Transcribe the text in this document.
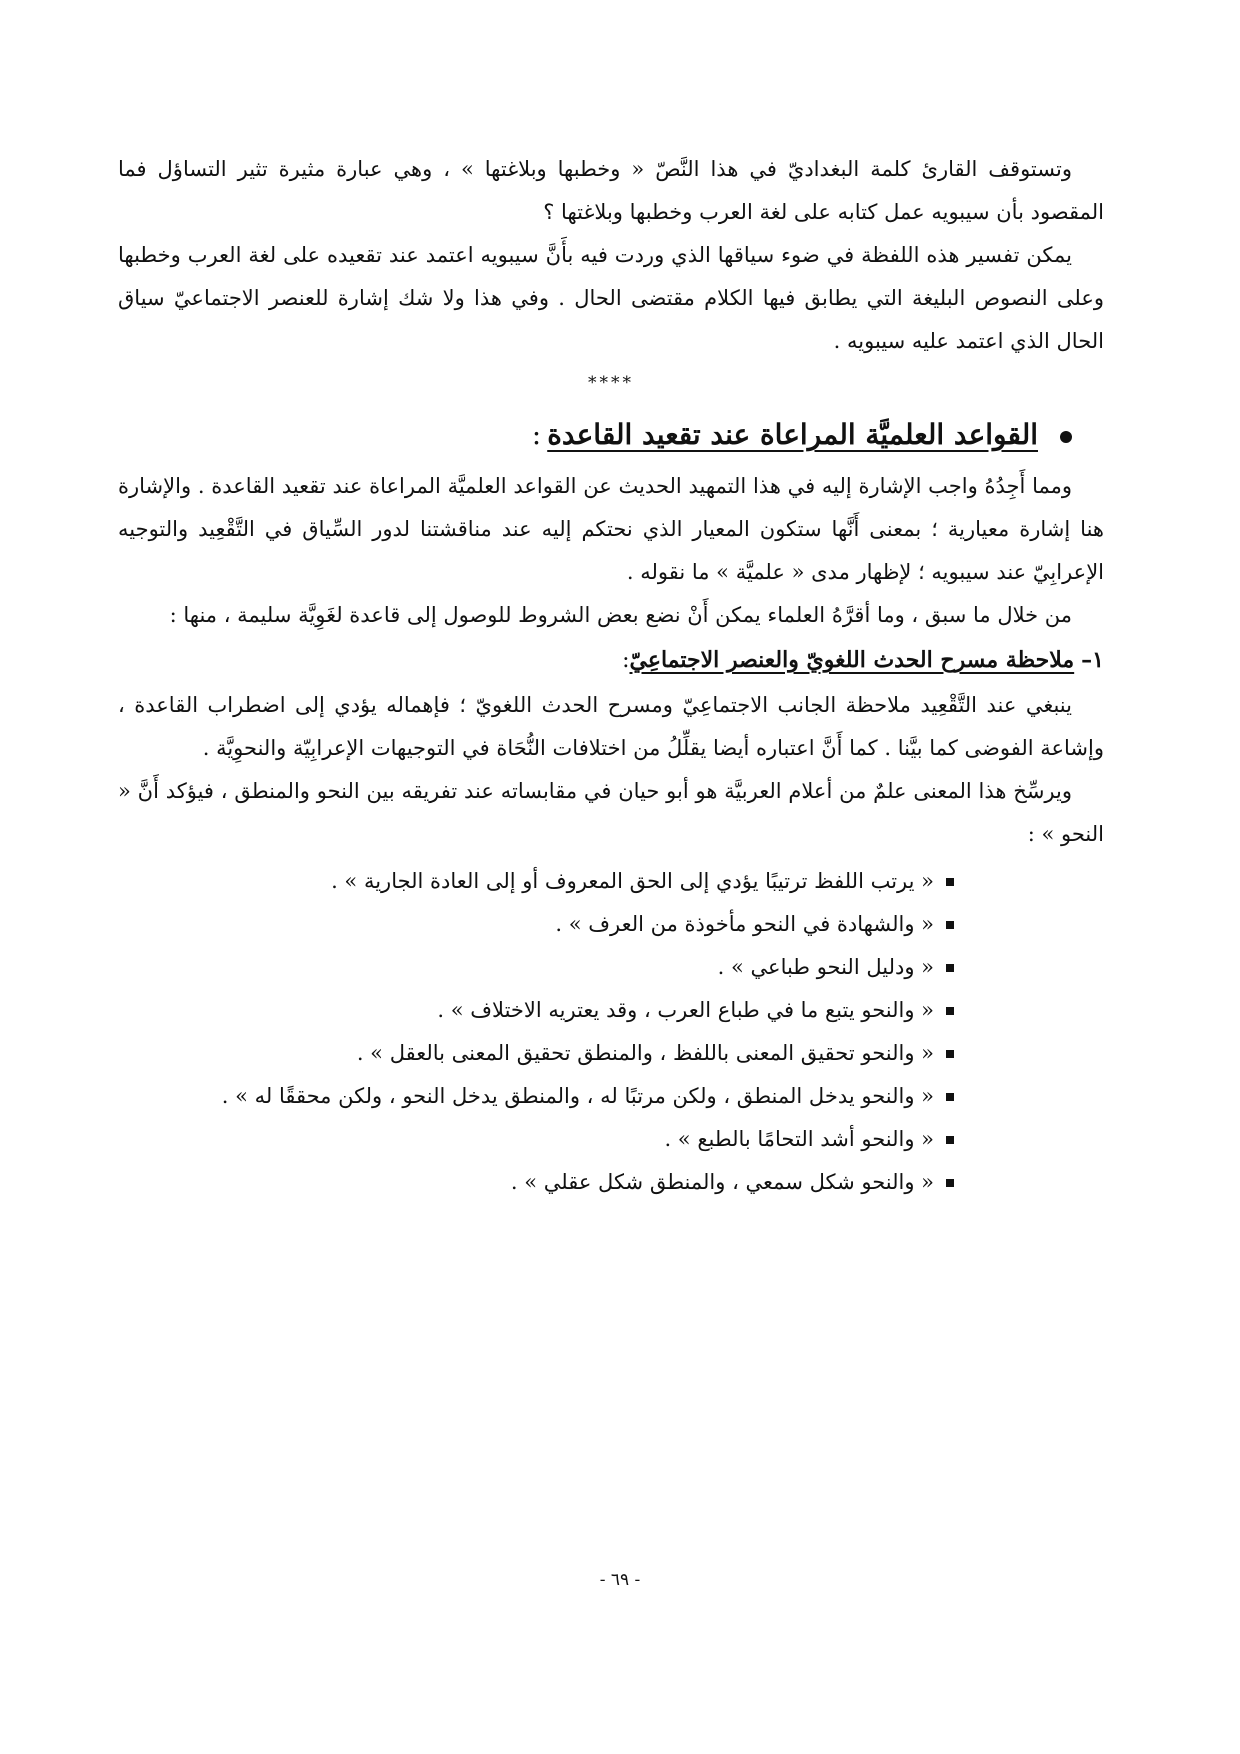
وتستوقف القارئ كلمة البغداديّ في هذا النَّصّ « وخطبها وبلاغتها » ، وهي عبارة مثيرة تثير التساؤل فما المقصود بأن سيبويه عمل كتابه على لغة العرب وخطبها وبلاغتها ؟

يمكن تفسير هذه اللفظة في ضوء سياقها الذي وردت فيه بأَنَّ سيبويه اعتمد عند تقعيده على لغة العرب وخطبها وعلى النصوص البليغة التي يطابق فيها الكلام مقتضى الحال . وفي هذا ولا شك إشارة للعنصر الاجتماعيّ سياق الحال الذي اعتمد عليه سيبويه .

****

القواعد العلميَّة المراعاة عند تقعيد القاعدة:

ومما أَجِدُهُ واجب الإشارة إليه في هذا التمهيد الحديث عن القواعد العلميَّة المراعاة عند تقعيد القاعدة . والإشارة هنا إشارة معيارية ؛ بمعنى أَنَّها ستكون المعيار الذي نحتكم إليه عند مناقشتنا لدور السِّياق في التَّقْعِيد والتوجيه الإعرابِيّ عند سيبويه ؛ لإظهار مدى « علميَّة » ما نقوله .

من خلال ما سبق ، وما أقرَّهُ العلماء يمكن أَنْ نضع بعض الشروط للوصول إلى قاعدة لغَوِيَّة سليمة ، منها :

١– ملاحظة مسرح الحدث اللغويّ والعنصر الاجتماعِيّ:

ينبغي عند التَّقْعِيد ملاحظة الجانب الاجتماعِيّ ومسرح الحدث اللغويّ ؛ فإهماله يؤدي إلى اضطراب القاعدة ، وإشاعة الفوضى كما بيَّنا . كما أَنَّ اعتباره أيضا يقلِّلُ من اختلافات النُّحَاة في التوجيهات الإعرابِيّة والنحوِيَّة .

ويرسِّخ هذا المعنى علمٌ من أعلام العربيَّة هو أبو حيان في مقابساته عند تفريقه بين النحو والمنطق ، فيؤكد أَنَّ « النحو » :

« يرتب اللفظ ترتيبًا يؤدي إلى الحق المعروف أو إلى العادة الجارية » .
« والشهادة في النحو مأخوذة من العرف » .
« ودليل النحو طباعي » .
« والنحو يتبع ما في طباع العرب ، وقد يعتريه الاختلاف » .
« والنحو تحقيق المعنى باللفظ ، والمنطق تحقيق المعنى بالعقل » .
« والنحو يدخل المنطق ، ولكن مرتبًا له ، والمنطق يدخل النحو ، ولكن محققًا له » .
« والنحو أشد التحامًا بالطبع » .
« والنحو شكل سمعي ، والمنطق شكل عقلي » .
- ٦٩ -
